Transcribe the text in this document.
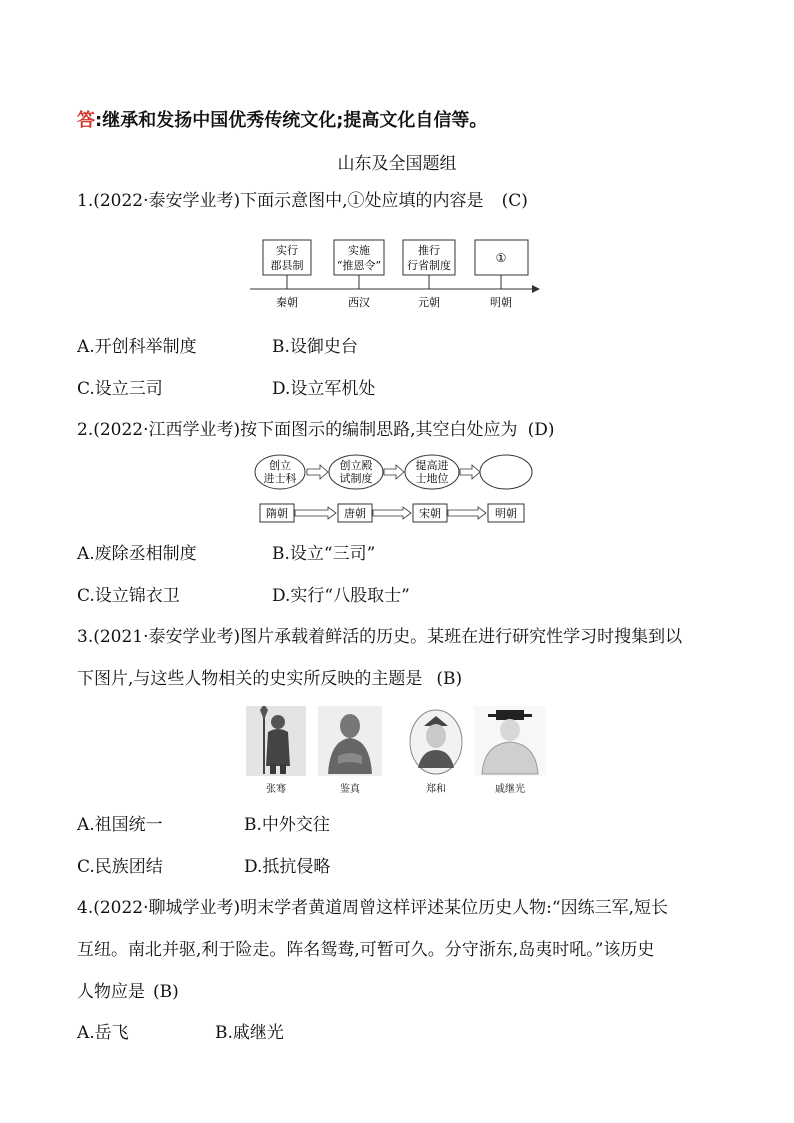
答:继承和发扬中国优秀传统文化;提高文化自信等。
山东及全国题组
1.(2022·泰安学业考)下面示意图中,①处应填的内容是 (C)
实行
郡县制
实施
“推恩令”
推行
行省制度
①
秦朝	西汉	元朝	明朝
A.开创科举制度	B.设御史台
C.设立三司	D.设立军机处
2.(2022·江西学业考)按下面图示的编制思路,其空白处应为 (D)
创立
进士科
创立殿
试制度
提高进
士地位
隋朝	唐朝	宋朝	明朝
A.废除丞相制度	B.设立“三司”
C.设立锦衣卫	D.实行“八股取士”
3.(2021·泰安学业考)图片承载着鲜活的历史。某班在进行研究性学习时搜集到以
下图片,与这些人物相关的史实所反映的主题是 (B)
张骞	鉴真	郑和	戚继光
A.祖国统一	B.中外交往
C.民族团结	D.抵抗侵略
4.(2022·聊城学业考)明末学者黄道周曾这样评述某位历史人物:“因练三军,短长
互纽。南北并驱,利于险走。阵名鸳鸯,可暂可久。分守浙东,岛夷时吼。”该历史
人物应是 (B)
A.岳飞	B.戚继光
